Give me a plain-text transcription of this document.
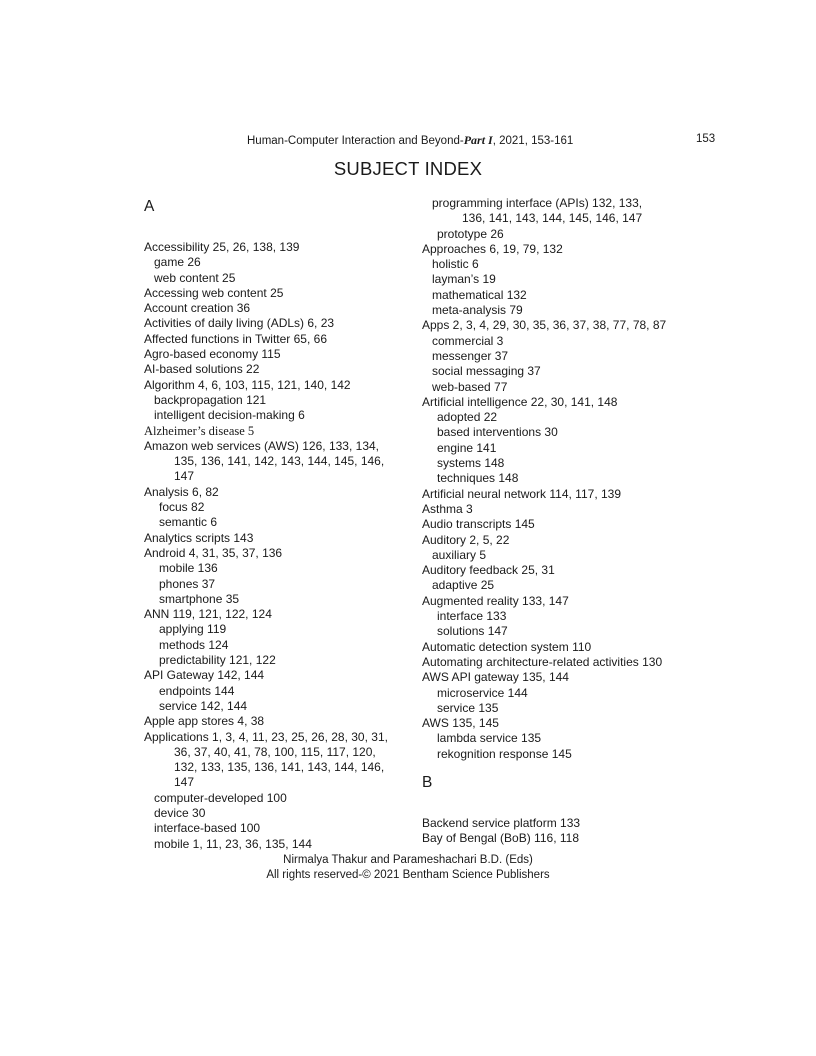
Human-Computer Interaction and Beyond-Part I, 2021, 153-161	153
SUBJECT INDEX
A
Accessibility 25, 26, 138, 139
game 26
web content 25
Accessing web content 25
Account creation 36
Activities of daily living (ADLs) 6, 23
Affected functions in Twitter 65, 66
Agro-based economy 115
AI-based solutions 22
Algorithm 4, 6, 103, 115, 121, 140, 142
backpropagation 121
intelligent decision-making 6
Alzheimer’s disease 5
Amazon web services (AWS) 126, 133, 134,
135, 136, 141, 142, 143, 144, 145, 146,
147
Analysis 6, 82
focus 82
semantic 6
Analytics scripts 143
Android 4, 31, 35, 37, 136
mobile 136
phones 37
smartphone 35
ANN 119, 121, 122, 124
applying 119
methods 124
predictability 121, 122
API Gateway 142, 144
endpoints 144
service 142, 144
Apple app stores 4, 38
Applications 1, 3, 4, 11, 23, 25, 26, 28, 30, 31,
36, 37, 40, 41, 78, 100, 115, 117, 120,
132, 133, 135, 136, 141, 143, 144, 146,
147
computer-developed 100
device 30
interface-based 100
mobile 1, 11, 23, 36, 135, 144
programming interface (APIs) 132, 133,
136, 141, 143, 144, 145, 146, 147
prototype 26
Approaches 6, 19, 79, 132
holistic 6
layman’s 19
mathematical 132
meta-analysis 79
Apps 2, 3, 4, 29, 30, 35, 36, 37, 38, 77, 78, 87
commercial 3
messenger 37
social messaging 37
web-based 77
Artificial intelligence 22, 30, 141, 148
adopted 22
based interventions 30
engine 141
systems 148
techniques 148
Artificial neural network 114, 117, 139
Asthma 3
Audio transcripts 145
Auditory 2, 5, 22
auxiliary 5
Auditory feedback 25, 31
adaptive 25
Augmented reality 133, 147
interface 133
solutions 147
Automatic detection system 110
Automating architecture-related activities 130
AWS API gateway 135, 144
microservice 144
service 135
AWS 135, 145
lambda service 135
rekognition response 145
B
Backend service platform 133
Bay of Bengal (BoB) 116, 118
Nirmalya Thakur and Parameshachari B.D. (Eds)
All rights reserved-© 2021 Bentham Science Publishers
